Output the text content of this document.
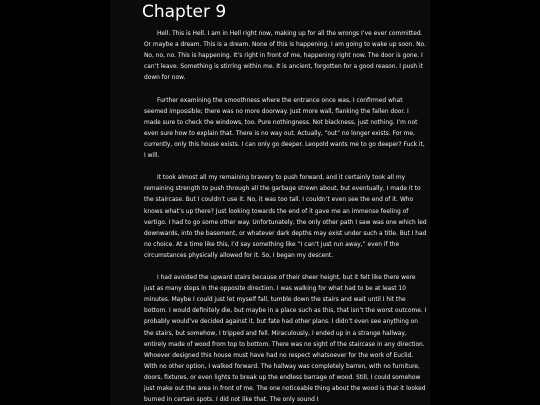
Chapter 9

Hell. This is Hell. I am in Hell right now, making up for all the wrongs I’ve ever committed. Or maybe a dream. This is a dream. None of this is happening. I am going to wake up soon. No. No, no, no. This is happening. It’s right in front of me, happening right now. The door is gone. I can’t leave. Something is stirring within me. It is ancient, forgotten for a good reason. I push it down for now.

Further examining the smoothness where the entrance once was, I confirmed what seemed impossible; there was no more doorway. Just more wall, flanking the fallen door. I made sure to check the windows, too. Pure nothingness. Not blackness, just nothing. I’m not even sure how to explain that. There is no way out. Actually, “out” no longer exists. For me, currently, only this house exists. I can only go deeper. Leopold wants me to go deeper? Fuck it, I will.

It took almost all my remaining bravery to push forward, and it certainly took all my remaining strength to push through all the garbage strewn about, but eventually, I made it to the staircase. But I couldn’t use it. No, it was too tall. I couldn’t even see the end of it. Who knows what’s up there? Just looking towards the end of it gave me an immense feeling of vertigo. I had to go some other way. Unfortunately, the only other path I saw was one which led downwards, into the basement, or whatever dark depths may exist under such a title. But I had no choice. At a time like this, I’d say something like “I can’t just run away,” even if the circumstances physically allowed for it. So, I began my descent.

I had avoided the upward stairs because of their sheer height, but it felt like there were just as many steps in the opposite direction. I was walking for what had to be at least 10 minutes. Maybe I could just let myself fall, tumble down the stairs and wait until I hit the bottom. I would definitely die, but maybe in a place such as this, that isn’t the worst outcome. I probably would’ve decided against it, but fate had other plans. I didn’t even see anything on the stairs, but somehow, I tripped and fell. Miraculously, I ended up in a strange hallway, entirely made of wood from top to bottom. There was no sight of the staircase in any direction. Whoever designed this house must have had no respect whatsoever for the work of Euclid. With no other option, I walked forward. The hallway was completely barren, with no furniture, doors, fixtures, or even lights to break up the endless barrage of wood. Still, I could somehow just make out the area in front of me. The one noticeable thing about the wood is that it looked burned in certain spots. I did not like that. The only sound I
